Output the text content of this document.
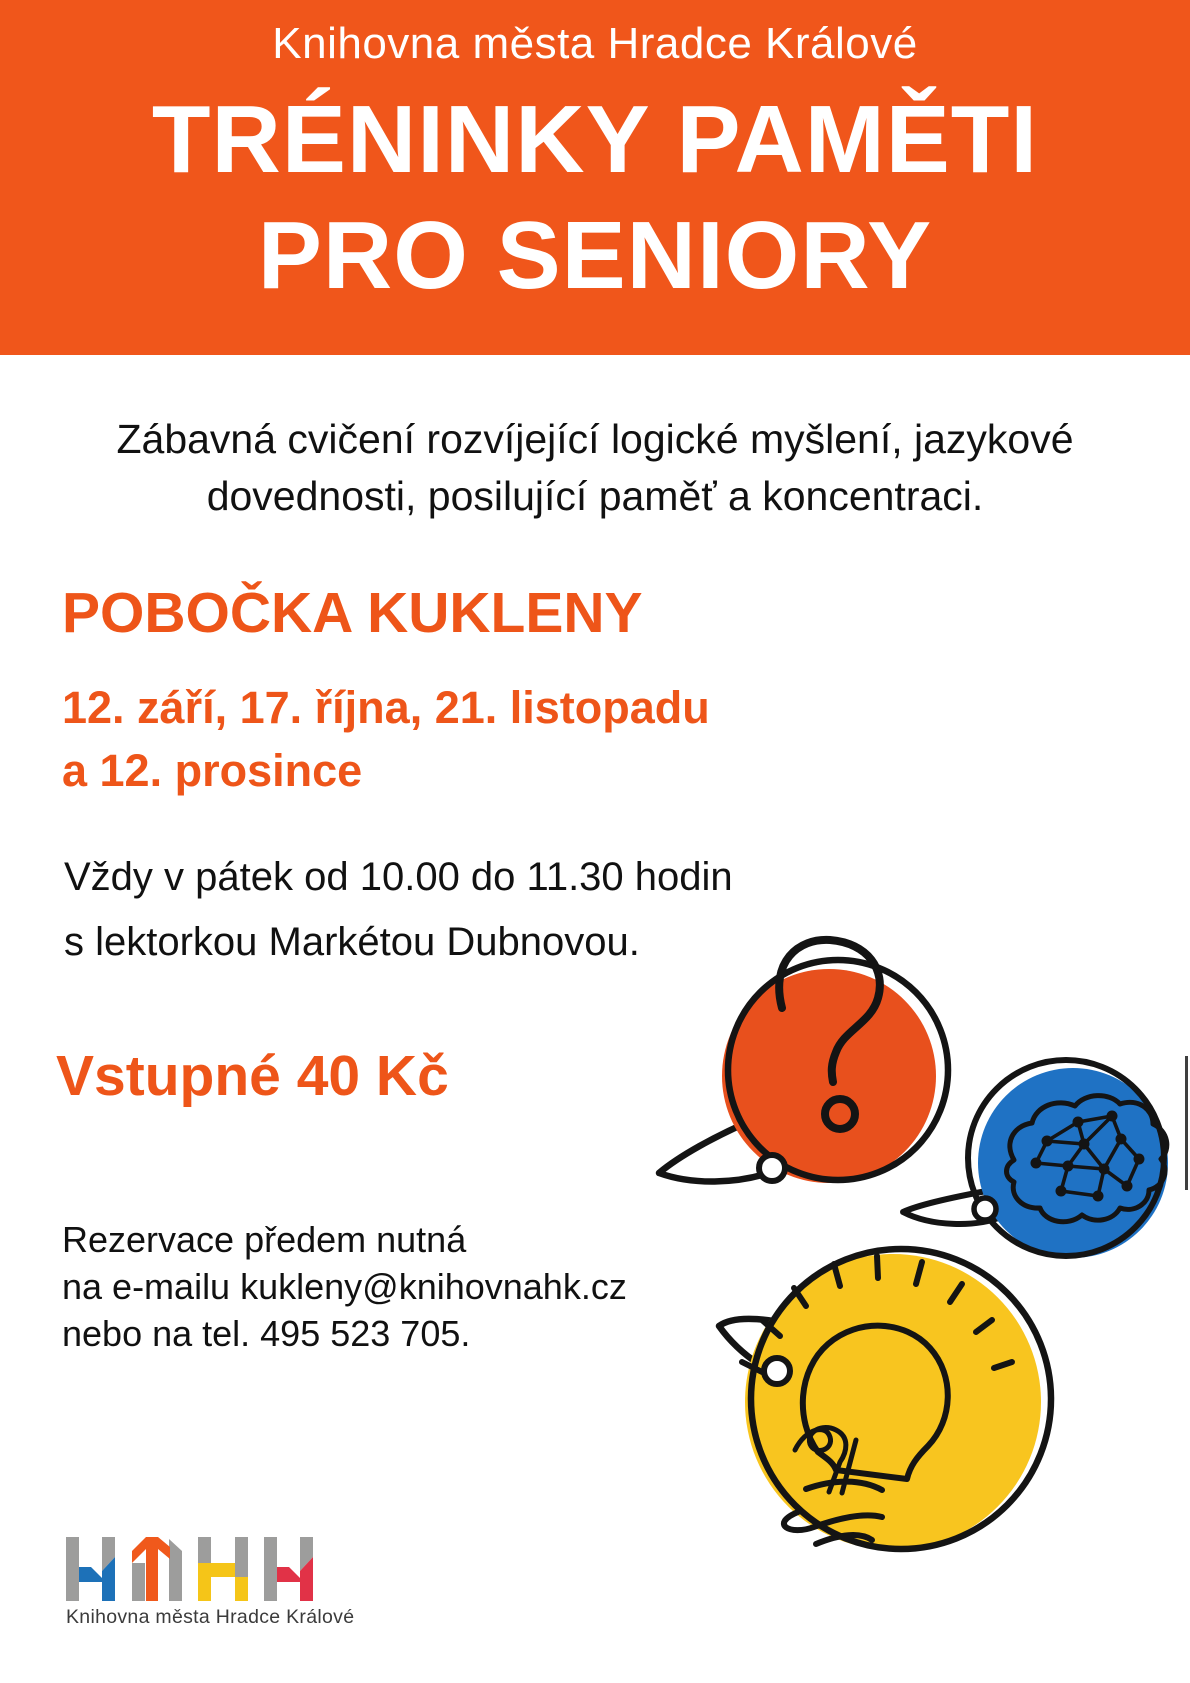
Knihovna města Hradce Králové
TRÉNINKY PAMĚTI
PRO SENIORY

Zábavná cvičení rozvíjející logické myšlení, jazykové
dovednosti, posilující paměť a koncentraci.

POBOČKA KUKLENY
12. září, 17. října, 21. listopadu
a 12. prosince
Vždy v pátek od 10.00 do 11.30 hodin
s lektorkou Markétou Dubnovou.
Vstupné 40 Kč
Rezervace předem nutná
na e-mailu kukleny@knihovnahk.cz
nebo na tel. 495 523 705.
Knihovna města Hradce Králové
